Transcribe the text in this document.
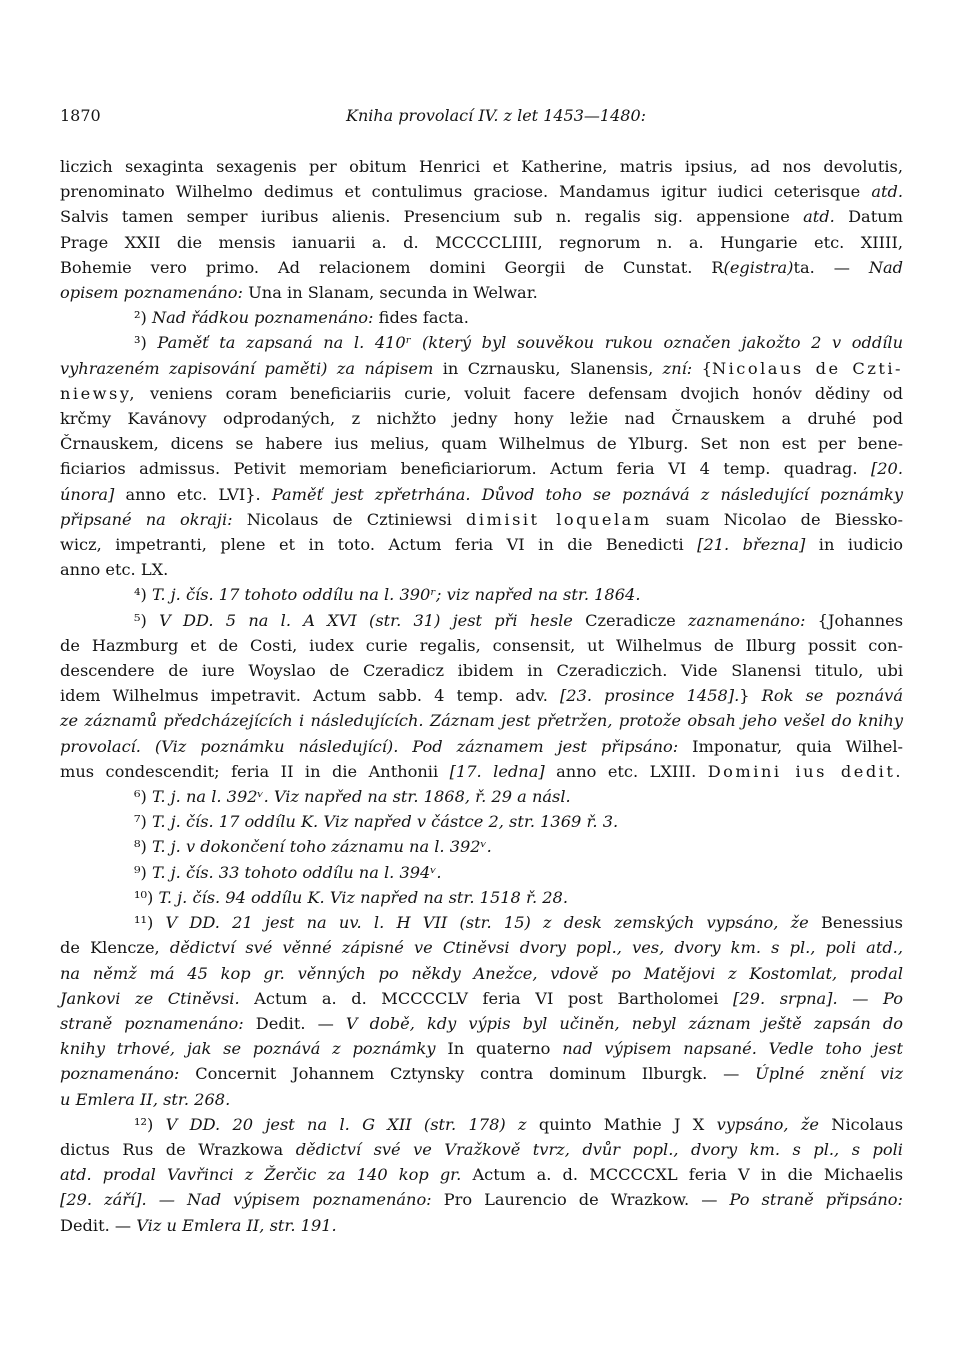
1870	Kniha provolací IV. z let 1453—1480:
liczich sexaginta sexagenis per obitum Henrici et Katherine, matris ipsius, ad nos devolutis,
prenominato Wilhelmo dedimus et contulimus graciose. Mandamus igitur iudici ceterisque atd.
Salvis tamen semper iuribus alienis. Presencium sub n. regalis sig. appensione atd. Datum
Prage XXII die mensis ianuarii a. d. MCCCCLIIII, regnorum n. a. Hungarie etc. XIIII,
Bohemie vero primo. Ad relacionem domini Georgii de Cunstat. R(egistra)ta. — Nad
opisem poznamenáno: Una in Slanam, secunda in Welwar.
²) Nad řádkou poznamenáno: fides facta.
³) Paměť ta zapsaná na l. 410ʳ (který byl souvěkou rukou označen jakožto 2 v oddílu
vyhrazeném zapisování paměti) za nápisem in Czrnausku, Slanensis, zní: {Nicolaus de Czti-
niewsy, veniens coram beneficiariis curie, voluit facere defensam dvojich honóv dědiny od
krčmy Kavánovy odprodaných, z nichžto jedny hony ležie nad Črnauskem a druhé pod
Črnauskem, dicens se habere ius melius, quam Wilhelmus de Ylburg. Set non est per bene-
ficiarios admissus. Petivit memoriam beneficiariorum. Actum feria VI 4 temp. quadrag. [20.
února] anno etc. LVI}. Paměť jest zpřetrhána. Důvod toho se poznává z následující poznámky
připsané na okraji: Nicolaus de Cztiniewsi dimisit loquelam suam Nicolao de Biessko-
wicz, impetranti, plene et in toto. Actum feria VI in die Benedicti [21. března] in iudicio
anno etc. LX.
⁴) T. j. čís. 17 tohoto oddílu na l. 390ʳ; viz napřed na str. 1864.
⁵) V DD. 5 na l. A XVI (str. 31) jest při hesle Czeradicze zaznamenáno: {Johannes
de Hazmburg et de Costi, iudex curie regalis, consensit, ut Wilhelmus de Ilburg possit con-
descendere de iure Woyslao de Czeradicz ibidem in Czeradiczich. Vide Slanensi titulo, ubi
idem Wilhelmus impetravit. Actum sabb. 4 temp. adv. [23. prosince 1458].} Rok se poznává
ze záznamů předcházejících i následujících. Záznam jest přetržen, protože obsah jeho vešel do knihy
provolací. (Viz poznámku následující). Pod záznamem jest připsáno: Imponatur, quia Wilhel-
mus condescendit; feria II in die Anthonii [17. ledna] anno etc. LXIII. Domini ius dedit.
⁶) T. j. na l. 392ᵛ. Viz napřed na str. 1868, ř. 29 a násl.
⁷) T. j. čís. 17 oddílu K. Viz napřed v částce 2, str. 1369 ř. 3.
⁸) T. j. v dokončení toho záznamu na l. 392ᵛ.
⁹) T. j. čís. 33 tohoto oddílu na l. 394ᵛ.
¹⁰) T. j. čís. 94 oddílu K. Viz napřed na str. 1518 ř. 28.
¹¹) V DD. 21 jest na uv. l. H VII (str. 15) z desk zemských vypsáno, že Benessius
de Klencze, dědictví své věnné zápisné ve Ctiněvsi dvory popl., ves, dvory km. s pl., poli atd.,
na němž má 45 kop gr. věnných po někdy Anežce, vdově po Matějovi z Kostomlat, prodal
Jankovi ze Ctiněvsi. Actum a. d. MCCCCLV feria VI post Bartholomei [29. srpna]. — Po
straně poznamenáno: Dedit. — V době, kdy výpis byl učiněn, nebyl záznam ještě zapsán do
knihy trhové, jak se poznává z poznámky In quaterno nad výpisem napsané. Vedle toho jest
poznamenáno: Concernit Johannem Cztynsky contra dominum Ilburgk. — Úplné znění viz
u Emlera II, str. 268.
¹²) V DD. 20 jest na l. G XII (str. 178) z quinto Mathie J X vypsáno, že Nicolaus
dictus Rus de Wrazkowa dědictví své ve Vražkově tvrz, dvůr popl., dvory km. s pl., s poli
atd. prodal Vavřinci z Žerčic za 140 kop gr. Actum a. d. MCCCCXL feria V in die Michaelis
[29. září]. — Nad výpisem poznamenáno: Pro Laurencio de Wrazkow. — Po straně připsáno:
Dedit. — Viz u Emlera II, str. 191.
